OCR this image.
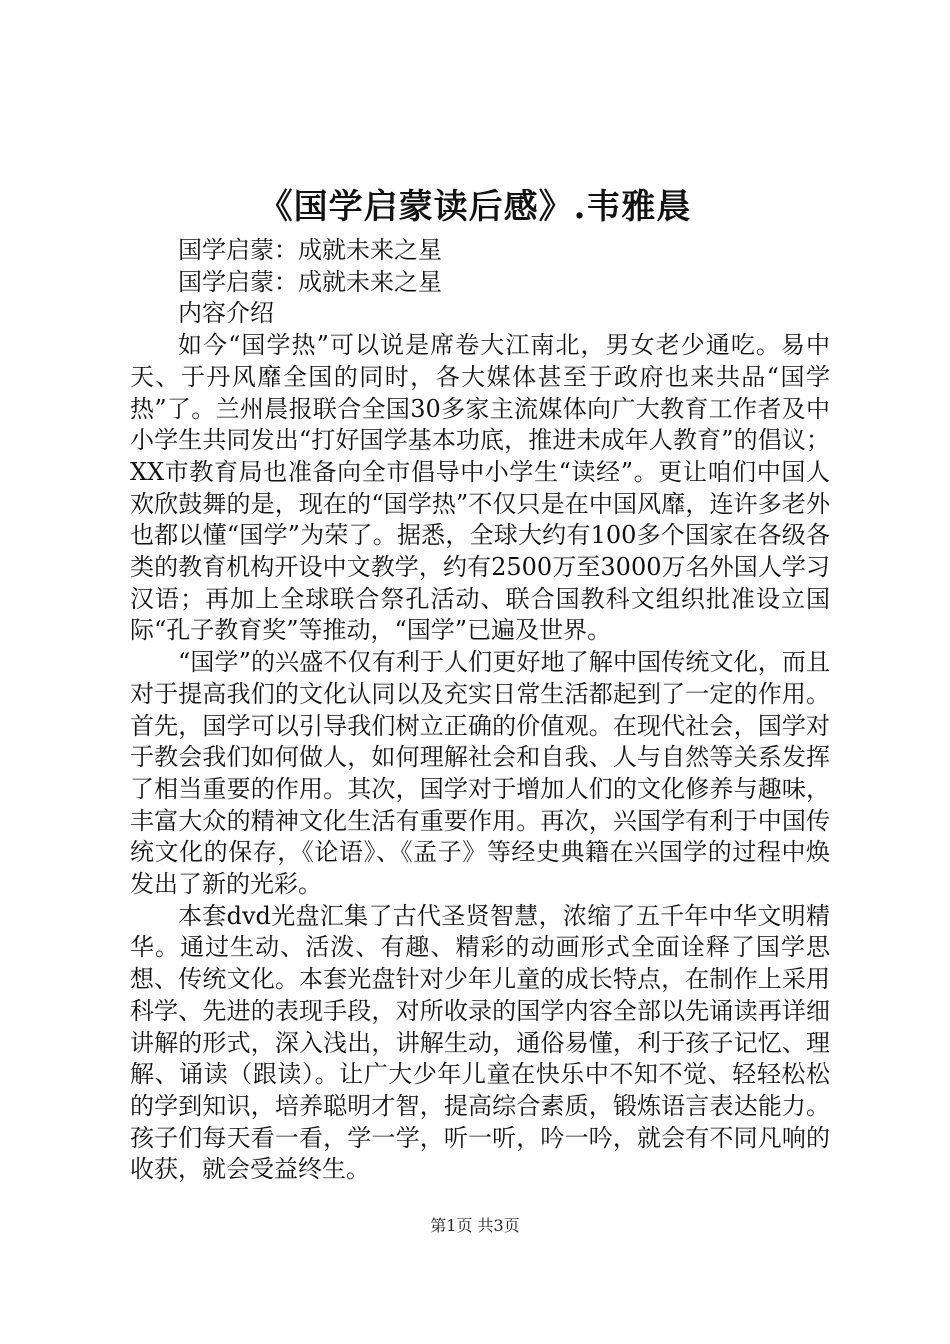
《国学启蒙读后感》.韦雅晨

国学启蒙：成就未来之星

国学启蒙：成就未来之星

内容介绍

如今“国学热”可以说是席卷大江南北，男女老少通吃。易中天、于丹风靡全国的同时，各大媒体甚至于政府也来共品“国学热”了。兰州晨报联合全国30多家主流媒体向广大教育工作者及中小学生共同发出“打好国学基本功底，推进未成年人教育”的倡议；XX市教育局也准备向全市倡导中小学生“读经”。更让咱们中国人欢欣鼓舞的是，现在的“国学热”不仅只是在中国风靡，连许多老外也都以懂“国学”为荣了。据悉，全球大约有100多个国家在各级各类的教育机构开设中文教学，约有2500万至3000万名外国人学习汉语；再加上全球联合祭孔活动、联合国教科文组织批准设立国际“孔子教育奖”等推动，“国学”已遍及世界。

“国学”的兴盛不仅有利于人们更好地了解中国传统文化，而且对于提高我们的文化认同以及充实日常生活都起到了一定的作用。首先，国学可以引导我们树立正确的价值观。在现代社会，国学对于教会我们如何做人，如何理解社会和自我、人与自然等关系发挥了相当重要的作用。其次，国学对于增加人们的文化修养与趣味，丰富大众的精神文化生活有重要作用。再次，兴国学有利于中国传统文化的保存，《论语》、《孟子》等经史典籍在兴国学的过程中焕发出了新的光彩。

本套dvd光盘汇集了古代圣贤智慧，浓缩了五千年中华文明精华。通过生动、活泼、有趣、精彩的动画形式全面诠释了国学思想、传统文化。本套光盘针对少年儿童的成长特点，在制作上采用科学、先进的表现手段，对所收录的国学内容全部以先诵读再详细讲解的形式，深入浅出，讲解生动，通俗易懂，利于孩子记忆、理解、诵读（跟读）。让广大少年儿童在快乐中不知不觉、轻轻松松的学到知识，培养聪明才智，提高综合素质，锻炼语言表达能力。孩子们每天看一看，学一学，听一听，吟一吟，就会有不同凡响的收获，就会受益终生。

第1页 共3页
